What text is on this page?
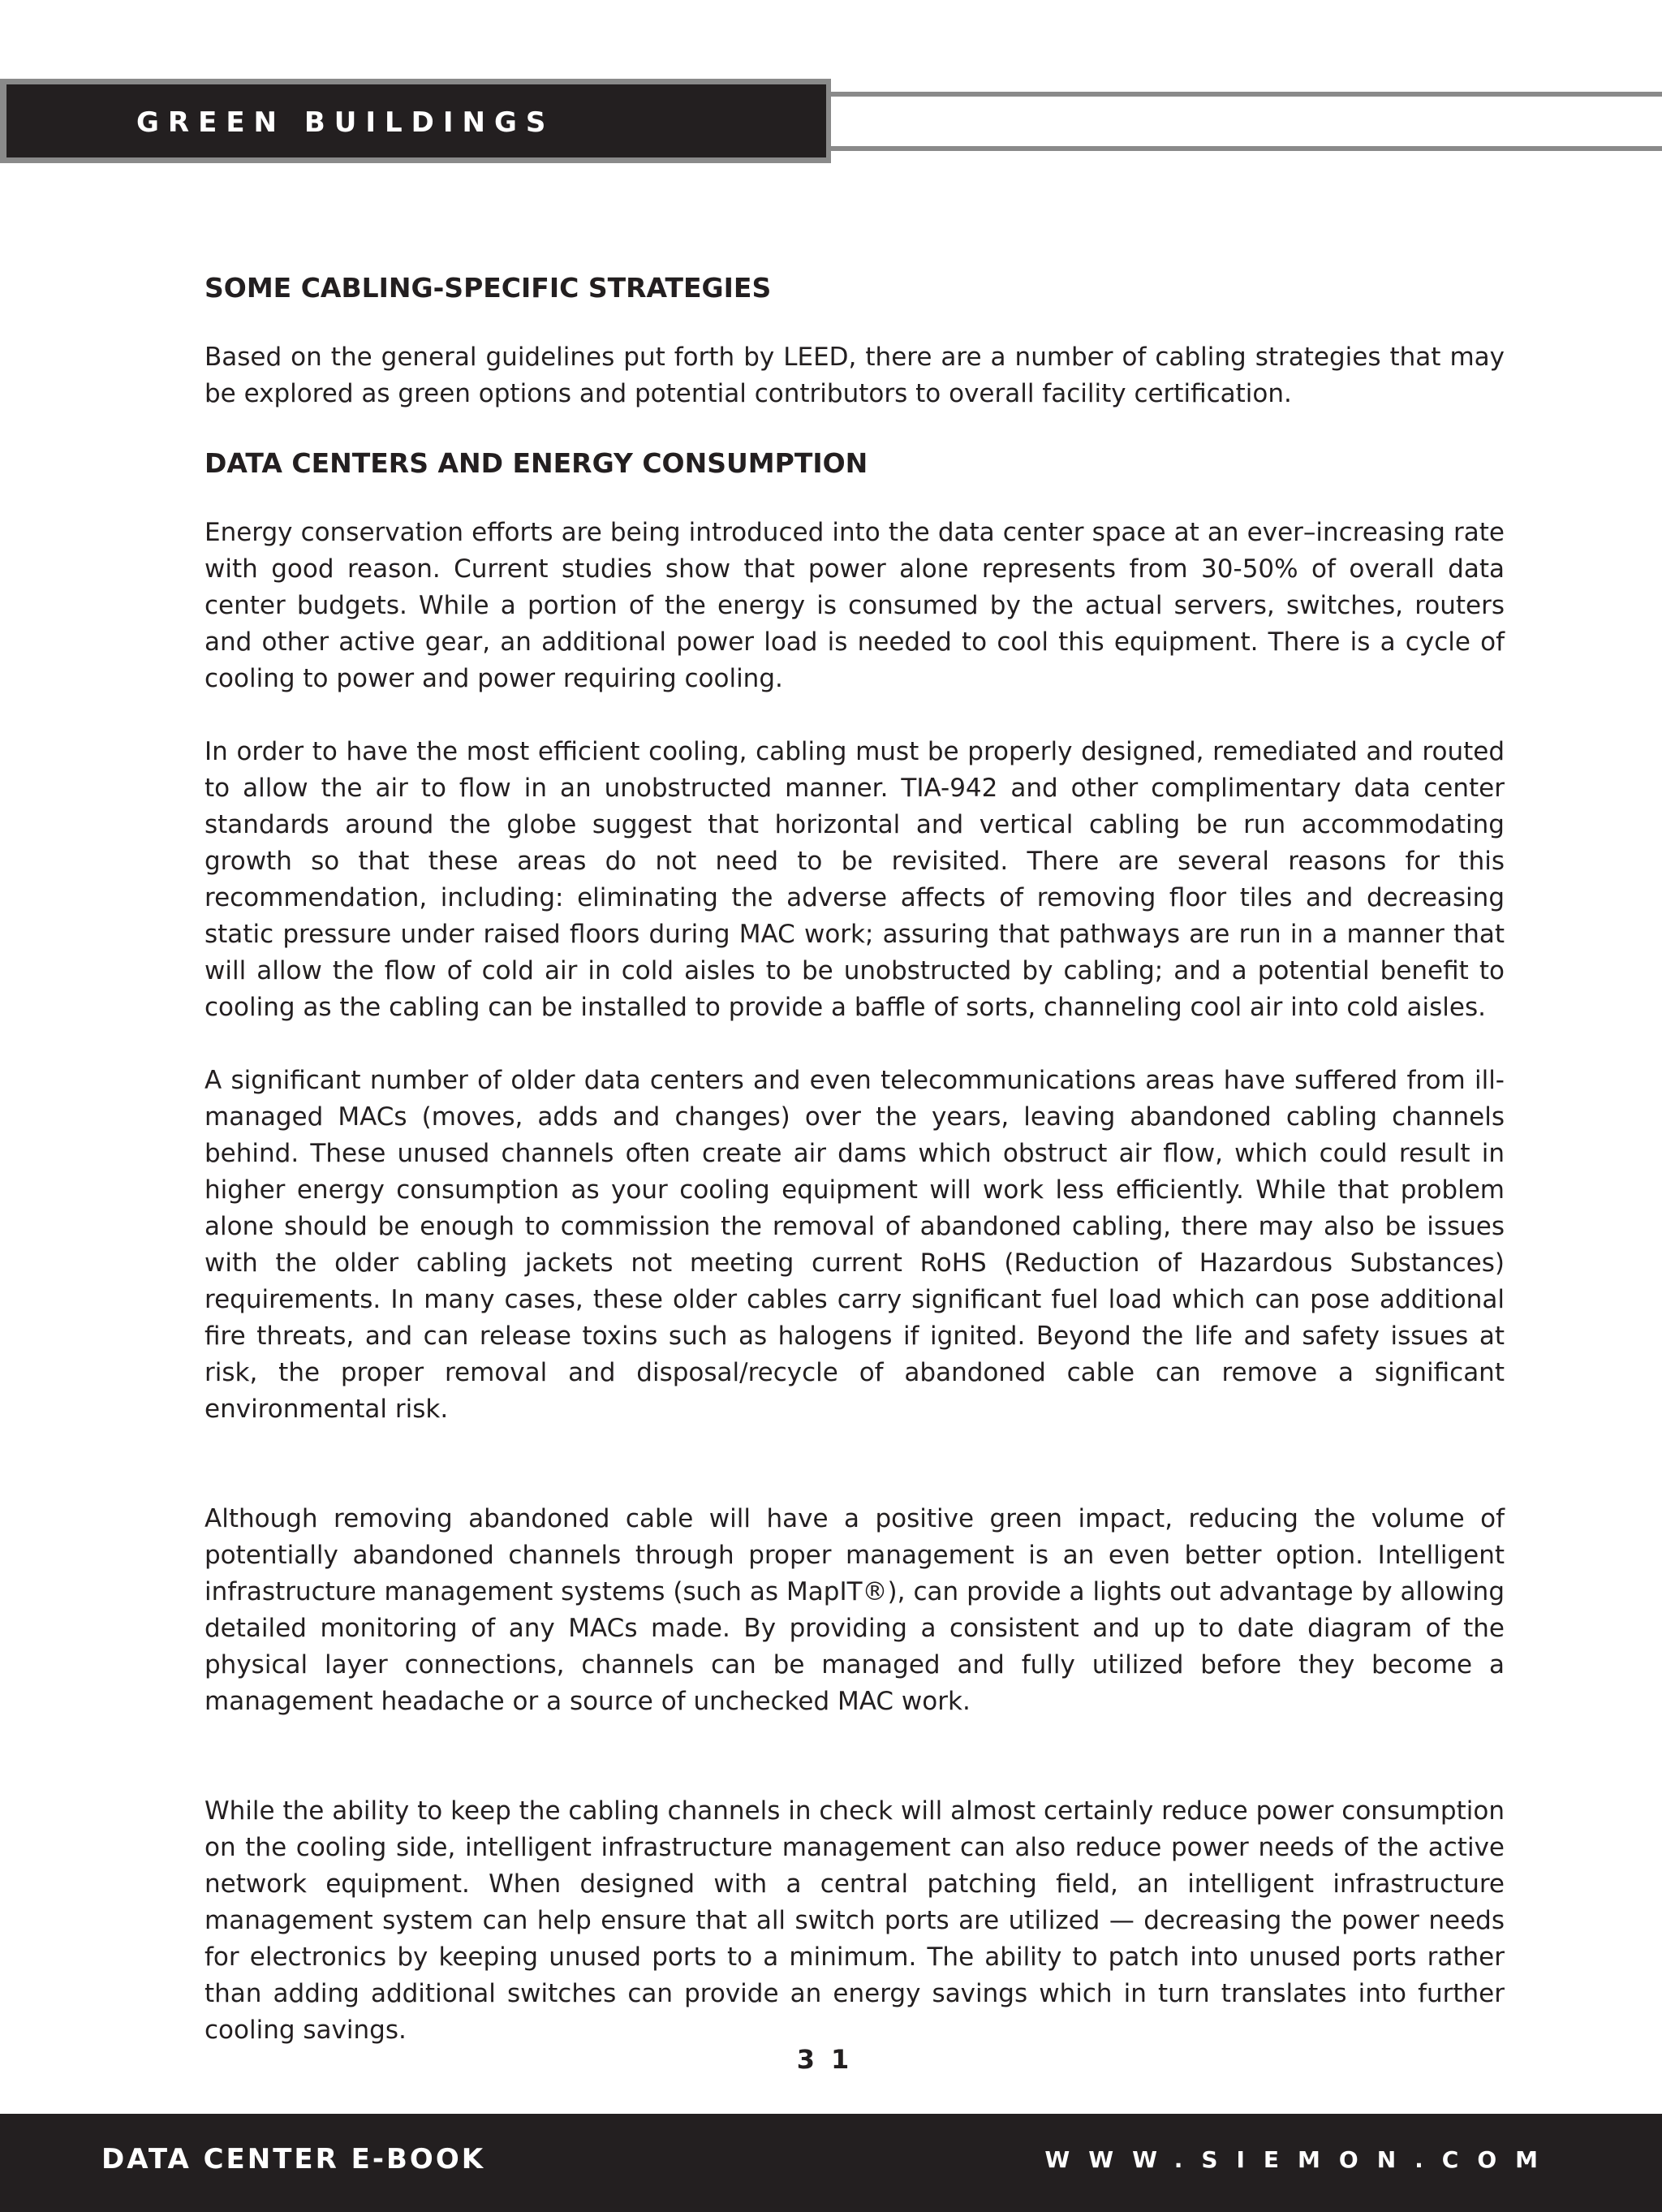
GREEN BUILDINGS
SOME CABLING-SPECIFIC STRATEGIES

Based on the general guidelines put forth by LEED, there are a number of cabling strategies that may be explored as green options and potential contributors to overall facility certification.

DATA CENTERS AND ENERGY CONSUMPTION

Energy conservation efforts are being introduced into the data center space at an ever–increasing rate with good reason. Current studies show that power alone represents from 30-50% of overall data center budgets. While a portion of the energy is consumed by the actual servers, switches, routers and other active gear, an additional power load is needed to cool this equipment. There is a cycle of cooling to power and power requiring cooling.

In order to have the most efficient cooling, cabling must be properly designed, remediated and routed to allow the air to flow in an unobstructed manner. TIA-942 and other complimentary data center standards around the globe suggest that horizontal and vertical cabling be run accommodating growth so that these areas do not need to be revisited. There are several reasons for this recommendation, including: eliminating the adverse affects of removing floor tiles and decreasing static pressure under raised floors during MAC work; assuring that pathways are run in a manner that will allow the flow of cold air in cold aisles to be unobstructed by cabling; and a potential benefit to cooling as the cabling can be installed to provide a baffle of sorts, channeling cool air into cold aisles.

A significant number of older data centers and even telecommunications areas have suffered from ill-managed MACs (moves, adds and changes) over the years, leaving abandoned cabling channels behind. These unused channels often create air dams which obstruct air flow, which could result in higher energy consumption as your cooling equipment will work less efficiently. While that problem alone should be enough to commission the removal of abandoned cabling, there may also be issues with the older cabling jackets not meeting current RoHS (Reduction of Hazardous Substances) requirements. In many cases, these older cables carry significant fuel load which can pose additional fire threats, and can release toxins such as halogens if ignited. Beyond the life and safety issues at risk, the proper removal and disposal/recycle of abandoned cable can remove a significant environmental risk.

Although removing abandoned cable will have a positive green impact, reducing the volume of potentially abandoned channels through proper management is an even better option. Intelligent infrastructure management systems (such as MapIT®), can provide a lights out advantage by allowing detailed monitoring of any MACs made. By providing a consistent and up to date diagram of the physical layer connections, channels can be managed and fully utilized before they become a management headache or a source of unchecked MAC work.

While the ability to keep the cabling channels in check will almost certainly reduce power consumption on the cooling side, intelligent infrastructure management can also reduce power needs of the active network equipment. When designed with a central patching field, an intelligent infrastructure management system can help ensure that all switch ports are utilized — decreasing the power needs for electronics by keeping unused ports to a minimum. The ability to patch into unused ports rather than adding additional switches can provide an energy savings which in turn translates into further cooling savings.

31
DATA CENTER E-BOOK	WWW.SIEMON.COM
